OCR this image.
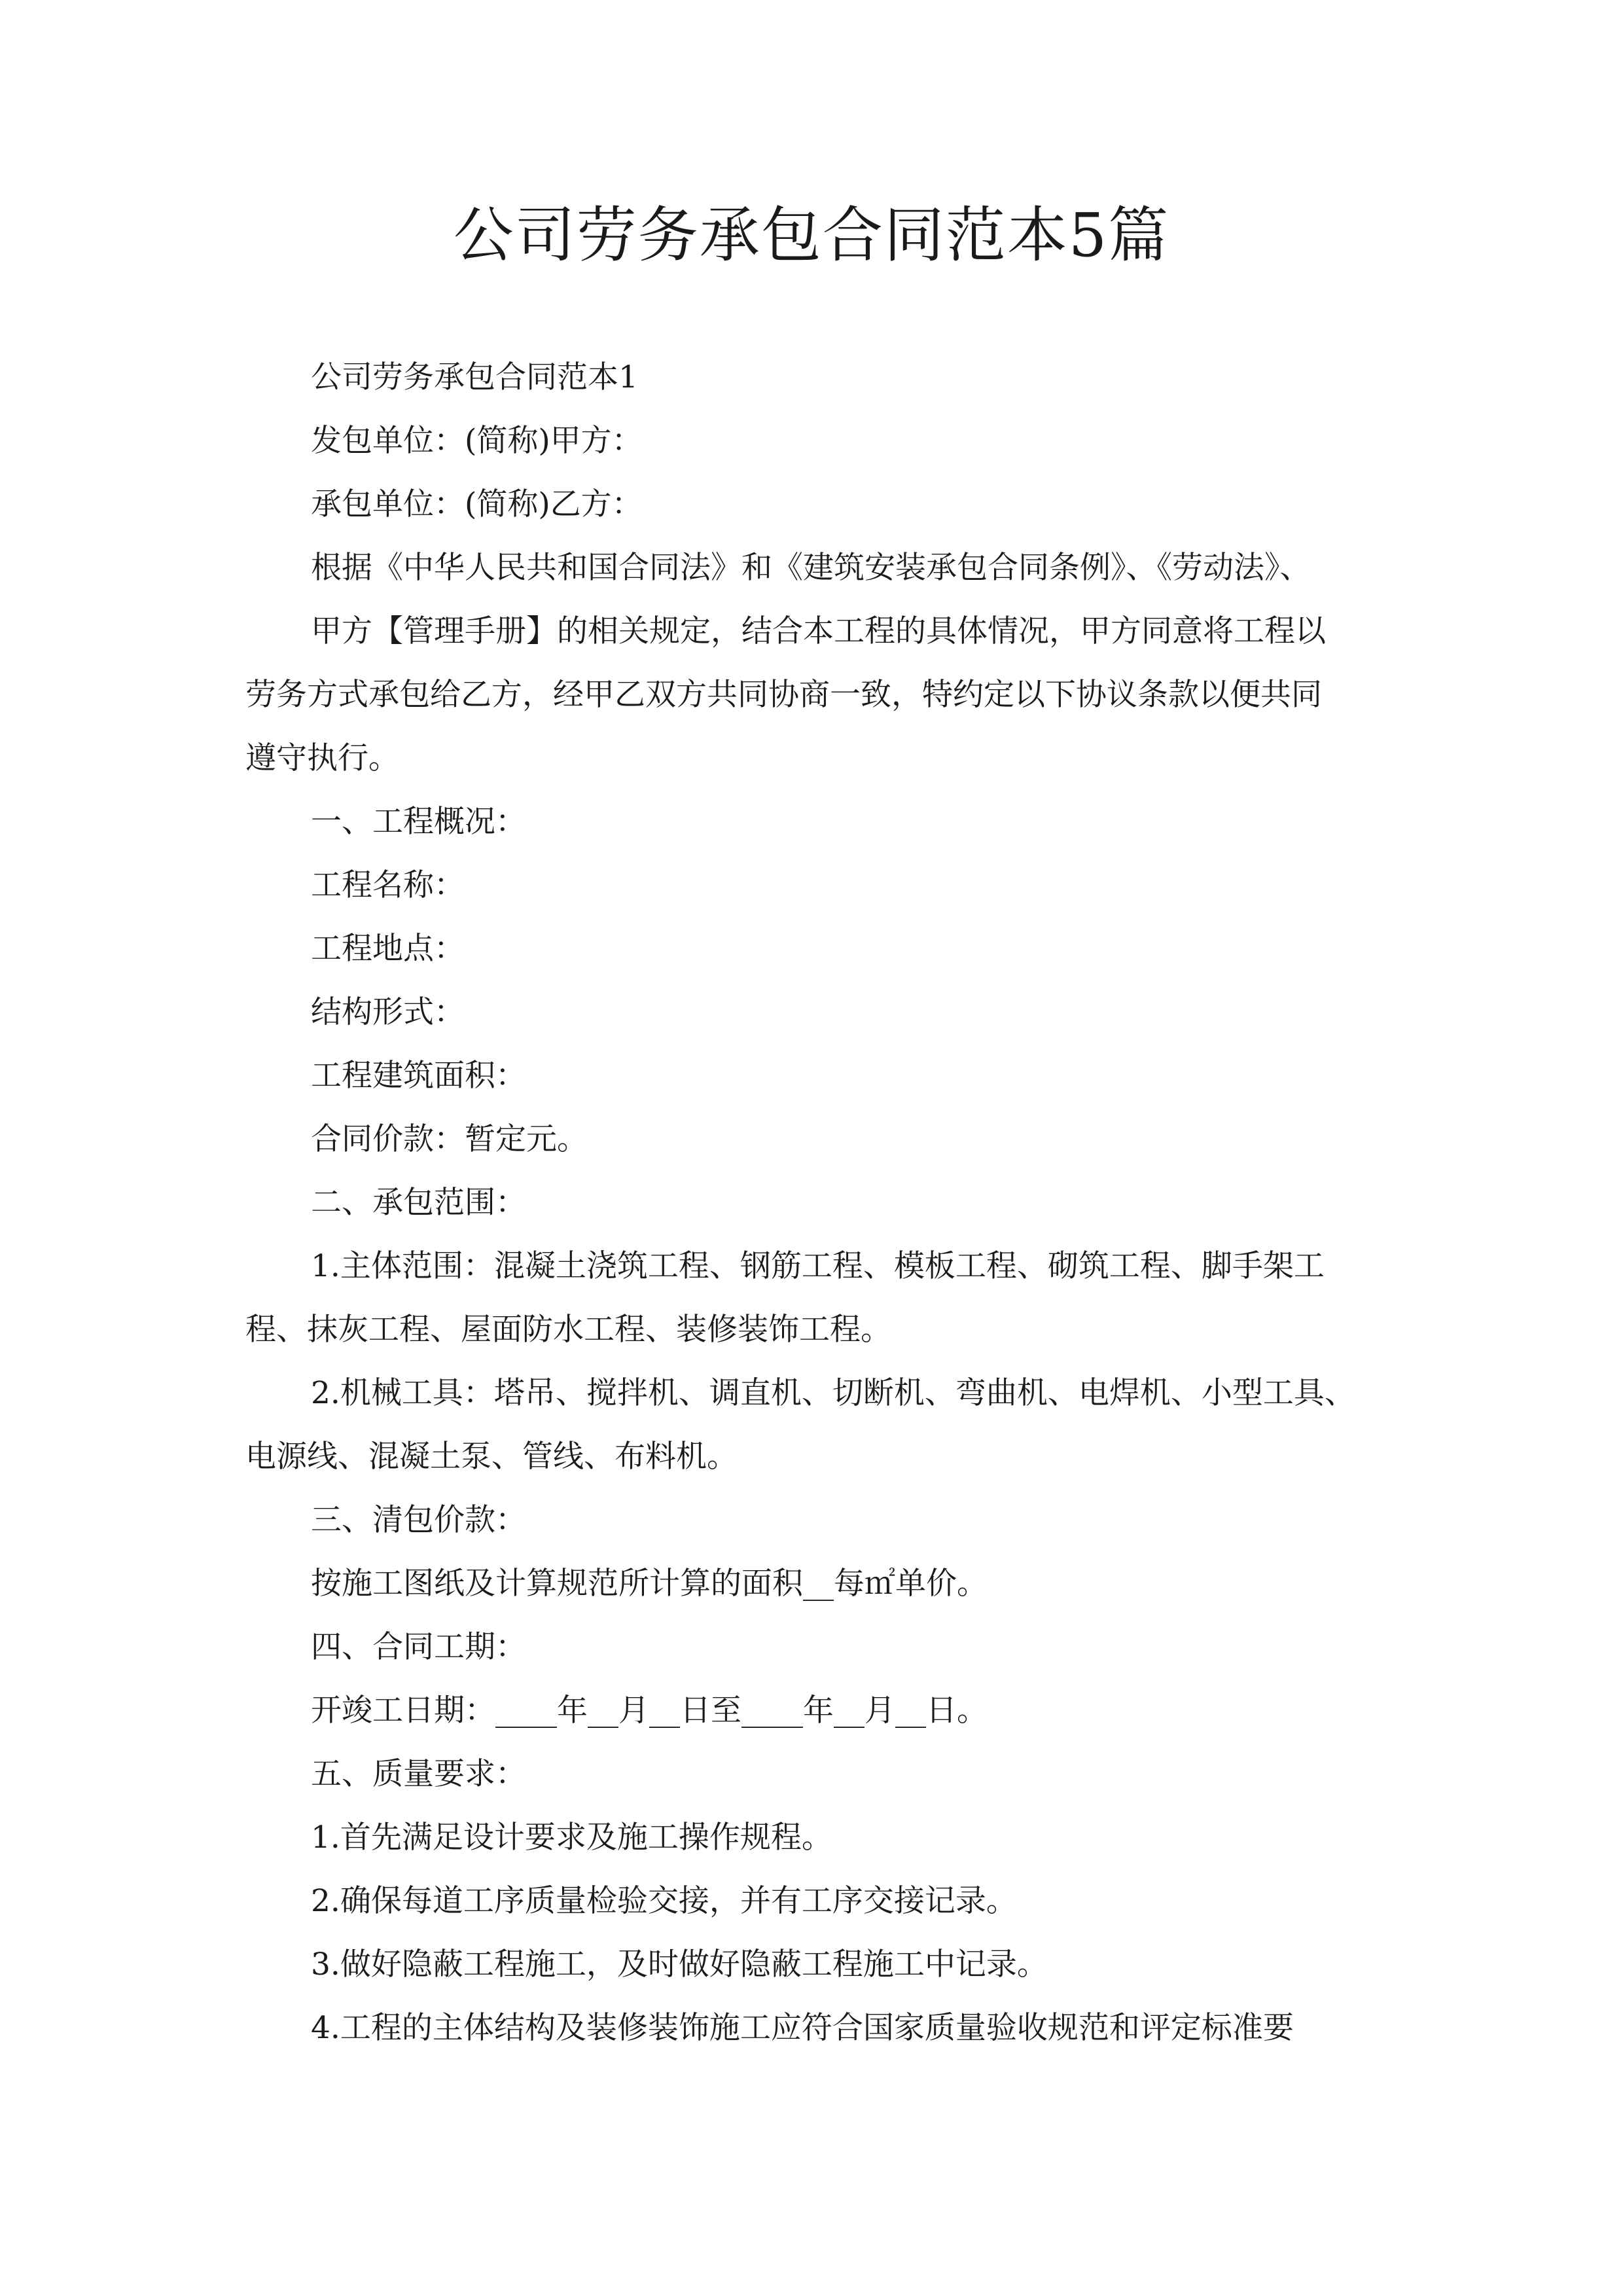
公司劳务承包合同范本5篇

公司劳务承包合同范本1

发包单位：(简称)甲方：

承包单位：(简称)乙方：

根据《中华人民共和国合同法》和《建筑安装承包合同条例》、《劳动法》、

甲方【管理手册】的相关规定，结合本工程的具体情况，甲方同意将工程以

劳务方式承包给乙方，经甲乙双方共同协商一致，特约定以下协议条款以便共同

遵守执行。

一、工程概况：

工程名称：

工程地点：

结构形式：

工程建筑面积：

合同价款：暂定元。

二、承包范围：

1.主体范围：混凝土浇筑工程、钢筋工程、模板工程、砌筑工程、脚手架工

程、抹灰工程、屋面防水工程、装修装饰工程。

2.机械工具：塔吊、搅拌机、调直机、切断机、弯曲机、电焊机、小型工具、

电源线、混凝土泵、管线、布料机。

三、清包价款：

按施工图纸及计算规范所计算的面积__每㎡单价。

四、合同工期：

开竣工日期：____年__月__日至____年__月__日。

五、质量要求：

1.首先满足设计要求及施工操作规程。

2.确保每道工序质量检验交接，并有工序交接记录。

3.做好隐蔽工程施工，及时做好隐蔽工程施工中记录。

4.工程的主体结构及装修装饰施工应符合国家质量验收规范和评定标准要
